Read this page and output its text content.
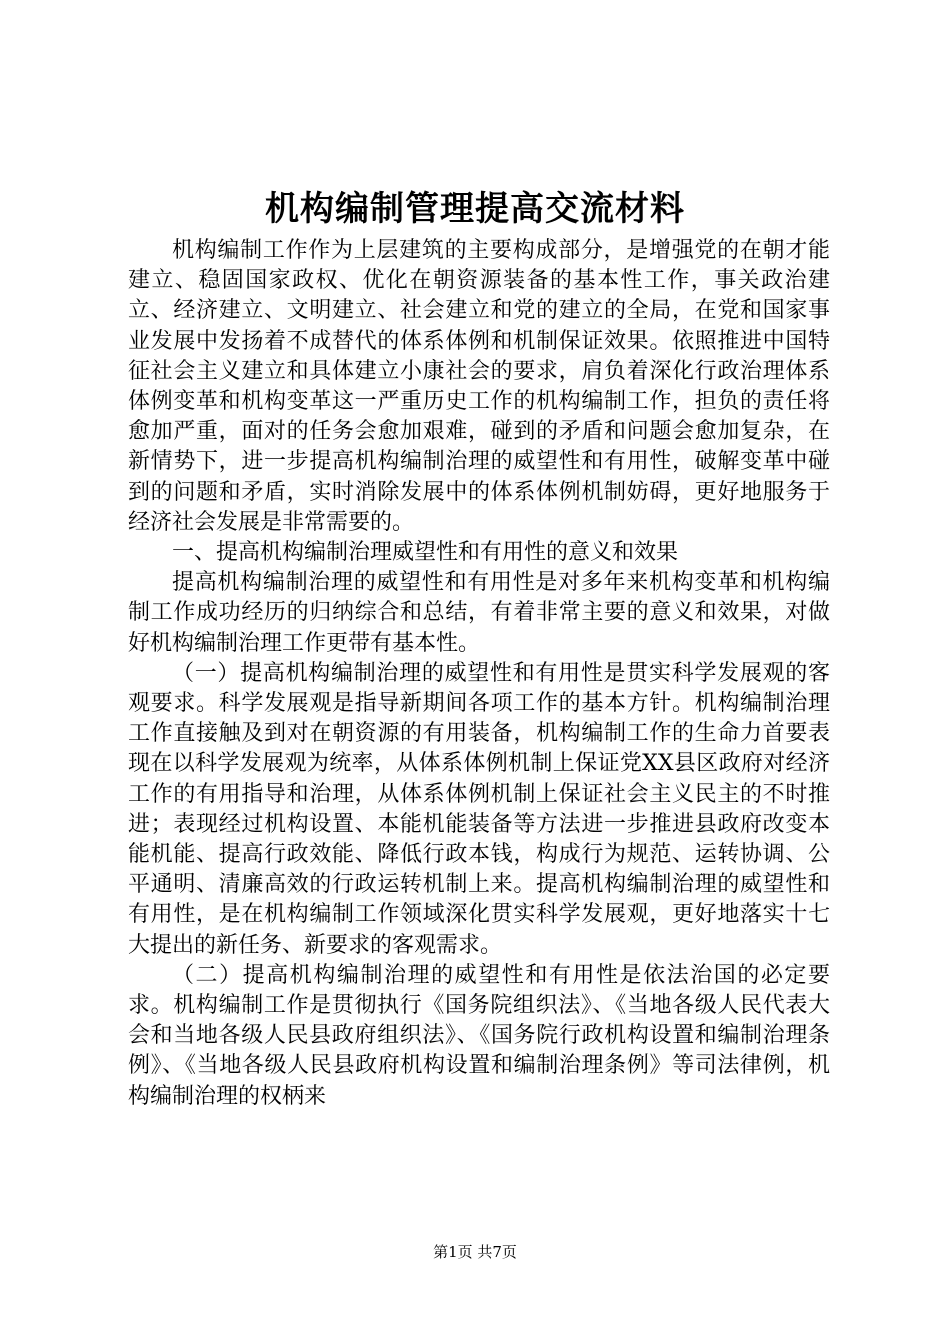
机构编制管理提高交流材料

机构编制工作作为上层建筑的主要构成部分，是增强党的在朝才能建立、稳固国家政权、优化在朝资源装备的基本性工作，事关政治建立、经济建立、文明建立、社会建立和党的建立的全局，在党和国家事业发展中发扬着不成替代的体系体例和机制保证效果。依照推进中国特征社会主义建立和具体建立小康社会的要求，肩负着深化行政治理体系体例变革和机构变革这一严重历史工作的机构编制工作，担负的责任将愈加严重，面对的任务会愈加艰难，碰到的矛盾和问题会愈加复杂，在新情势下，进一步提高机构编制治理的威望性和有用性，破解变革中碰到的问题和矛盾，实时消除发展中的体系体例机制妨碍，更好地服务于经济社会发展是非常需要的。

一、提高机构编制治理威望性和有用性的意义和效果

提高机构编制治理的威望性和有用性是对多年来机构变革和机构编制工作成功经历的归纳综合和总结，有着非常主要的意义和效果，对做好机构编制治理工作更带有基本性。

（一）提高机构编制治理的威望性和有用性是贯实科学发展观的客观要求。科学发展观是指导新期间各项工作的基本方针。机构编制治理工作直接触及到对在朝资源的有用装备，机构编制工作的生命力首要表现在以科学发展观为统率，从体系体例机制上保证党XX县区政府对经济工作的有用指导和治理，从体系体例机制上保证社会主义民主的不时推进；表现经过机构设置、本能机能装备等方法进一步推进县政府改变本能机能、提高行政效能、降低行政本钱，构成行为规范、运转协调、公平通明、清廉高效的行政运转机制上来。提高机构编制治理的威望性和有用性，是在机构编制工作领域深化贯实科学发展观，更好地落实十七大提出的新任务、新要求的客观需求。

（二）提高机构编制治理的威望性和有用性是依法治国的必定要求。机构编制工作是贯彻执行《国务院组织法》、《当地各级人民代表大会和当地各级人民县政府组织法》、《国务院行政机构设置和编制治理条例》、《当地各级人民县政府机构设置和编制治理条例》等司法律例，机构编制治理的权柄来

第1页 共7页
